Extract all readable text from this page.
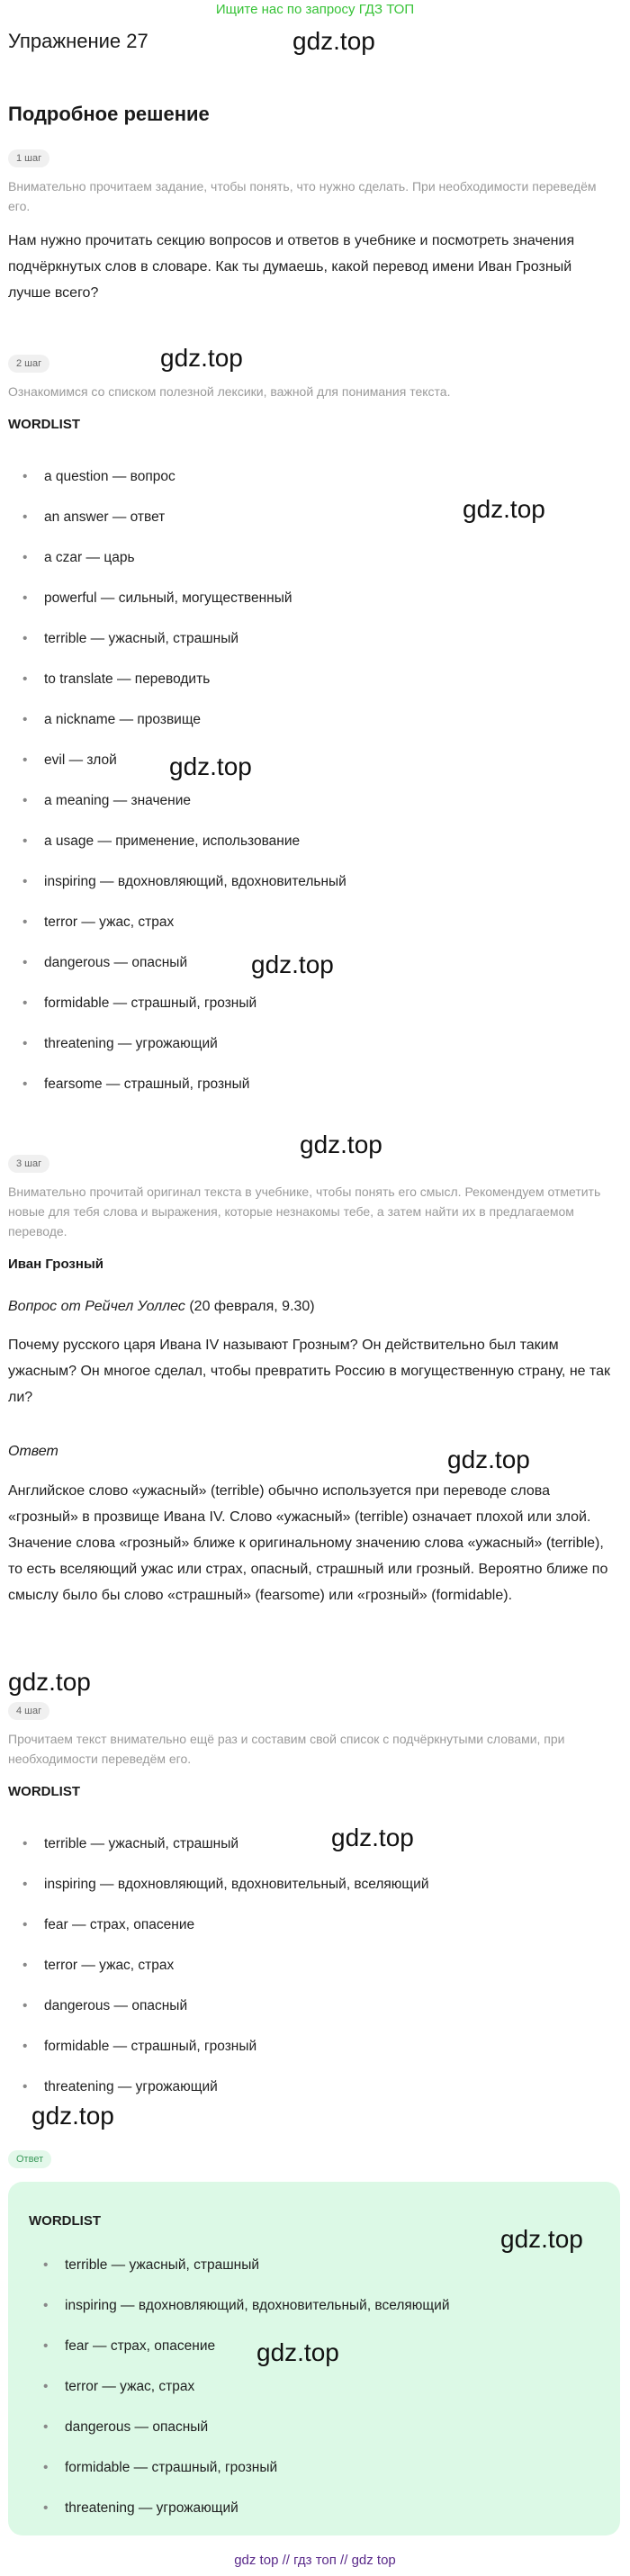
Ищите нас по запросу ГДЗ ТОП
Упражнение 27
Подробное решение
1 шаг
Внимательно прочитаем задание, чтобы понять, что нужно сделать. При необходимости переведём его.
Нам нужно прочитать секцию вопросов и ответов в учебнике и посмотреть значения подчёркнутых слов в словаре. Как ты думаешь, какой перевод имени Иван Грозный лучше всего?
2 шаг
Ознакомимся со списком полезной лексики, важной для понимания текста.
WORDLIST
• a question — вопрос
• an answer — ответ
• a czar — царь
• powerful — сильный, могущественный
• terrible — ужасный, страшный
• to translate — переводить
• a nickname — прозвище
• evil — злой
• a meaning — значение
• a usage — применение, использование
• inspiring — вдохновляющий, вдохновительный
• terror — ужас, страх
• dangerous — опасный
• formidable — страшный, грозный
• threatening — угрожающий
• fearsome — страшный, грозный
3 шаг
Внимательно прочитай оригинал текста в учебнике, чтобы понять его смысл. Рекомендуем отметить новые для тебя слова и выражения, которые незнакомы тебе, а затем найти их в предлагаемом переводе.
Иван Грозный
Вопрос от Рейчел Уоллес (20 февраля, 9.30)
Почему русского царя Ивана IV называют Грозным? Он действительно был таким ужасным? Он многое сделал, чтобы превратить Россию в могущественную страну, не так ли?
Ответ
Английское слово «ужасный» (terrible) обычно используется при переводе слова «грозный» в прозвище Ивана IV. Слово «ужасный» (terrible) означает плохой или злой. Значение слова «грозный» ближе к оригинальному значению слова «ужасный» (terrible), то есть вселяющий ужас или страх, опасный, страшный или грозный. Вероятно ближе по смыслу было бы слово «страшный» (fearsome) или «грозный» (formidable).
4 шаг
Прочитаем текст внимательно ещё раз и составим свой список с подчёркнутыми словами, при необходимости переведём его.
WORDLIST
• terrible — ужасный, страшный
• inspiring — вдохновляющий, вдохновительный, вселяющий
• fear — страх, опасение
• terror — ужас, страх
• dangerous — опасный
• formidable — страшный, грозный
• threatening — угрожающий
Ответ
WORDLIST
• terrible — ужасный, страшный
• inspiring — вдохновляющий, вдохновительный, вселяющий
• fear — страх, опасение
• terror — ужас, страх
• dangerous — опасный
• formidable — страшный, грозный
• threatening — угрожающий
gdz.top
gdz.top
gdz.top
gdz.top
gdz.top
gdz.top
gdz.top
gdz.top
gdz.top
gdz.top
gdz.top
gdz.top
gdz top // гдз топ // gdz top
